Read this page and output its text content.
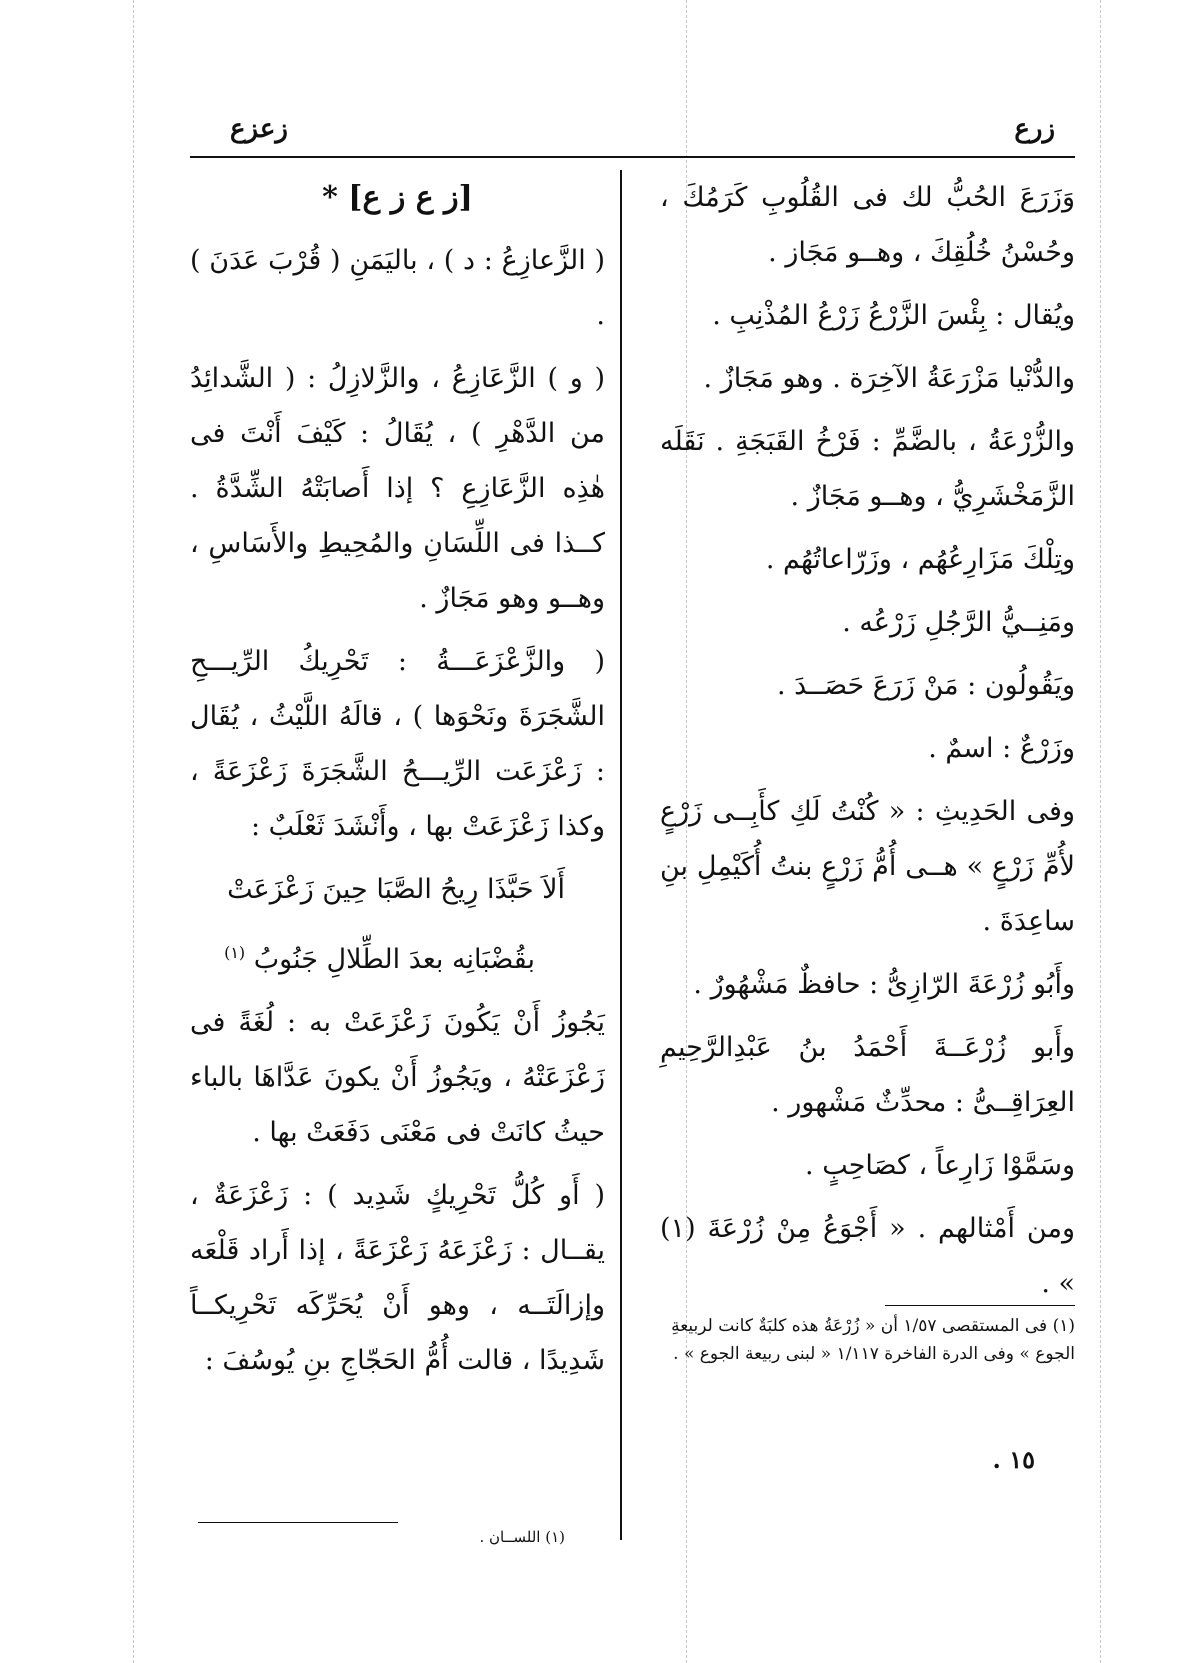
زرع
زعزع

وَزَرَعَ الحُبُّ لك فى القُلُوبِ كَرَمُكَ ، وحُسْنُ خُلُقِكَ ، وهــو مَجَاز .

ويُقال : بِئْسَ الزَّرْعُ زَرْعُ المُذْنِبِ .

والدُّنْيا مَزْرَعَةُ الآخِرَة . وهو مَجَازٌ .

والزُّرْعَةُ ، بالضَّمِّ : فَرْخُ القَبَجَةِ . نَقَلَه الزَّمَخْشَرِيُّ ، وهــو مَجَازٌ .

وتِلْكَ مَزَارِعُهُم ، وزَرّاعاتُهُم .

ومَنِــيُّ الرَّجُلِ زَرْعُه .

ويَقُولُون : مَنْ زَرَعَ حَصَــدَ .

وزَرْعٌ : اسمٌ .

وفى الحَدِيثِ : « كُنْتُ لَكِ كأَبِــى زَرْعٍ لأُمِّ زَرْعٍ » هــى أُمُّ زَرْعٍ بنتُ أُكَيْمِلِ بنِ ساعِدَةَ .

وأَبُو زُرْعَةَ الرّازِىُّ : حافظٌ مَشْهُورٌ .

وأَبو زُرْعَــةَ أَحْمَدُ بنُ عَبْدِالرَّحِيمِ العِرَاقِــىُّ : محدِّثٌ مَشْهور .

وسَمَّوْا زَارِعاً ، كصَاحِبٍ .

ومن أَمْثالهم . « أَجْوَعُ مِنْ زُرْعَةَ (١) » .

(١) فى المستقصى ١/٥٧ أن « زُرْعَةُ هذه كلبَةٌ كانت لربيعةِ الجوع » وفى الدرة الفاخرة ١/١١٧ « لبنى ربيعة الجوع » .
١٥ .

[ز ع ز ع] *

( الزَّعازِعُ : د ) ، باليَمَنِ ( قُرْبَ عَدَنَ ) .

( و ) الزَّعَازِعُ ، والزَّلازِلُ : ( الشَّدائِدُ من الدَّهْرِ ) ، يُقَالُ : كَيْفَ أَنْتَ فى هٰذِه الزَّعَازِعِ ؟ إذا أَصابَتْهُ الشِّدَّةُ . كــذا فى اللِّسَانِ والمُحِيطِ والأَسَاسِ ، وهــو وهو مَجَازٌ .

( والزَّعْزَعَـــةُ : تَحْرِيكُ الرِّيـــحِ الشَّجَرَةَ ونَحْوَها ) ، قالَهُ اللَّيْثُ ، يُقَال : زَعْزَعَت الرِّيـــحُ الشَّجَرَةَ زَعْزَعَةً ، وكذا زَعْزَعَتْ بها ، وأَنْشَدَ ثَعْلَبٌ :

أَلاَ حَبَّذَا رِيحُ الصَّبَا حِينَ زَعْزَعَتْ

بقُضْبَانِه بعدَ الطِّلالِ جَنُوبُ $^{(١)}$

يَجُوزُ أَنْ يَكُونَ زَعْزَعَتْ به : لُغَةً فى زَعْزَعَتْهُ ، ويَجُوزُ أَنْ يكونَ عَدَّاهَا بالباء حيثُ كانَتْ فى مَعْنَى دَفَعَتْ بها .

( أَو كُلُّ تَحْرِيكٍ شَدِيد ) : زَعْزَعَةٌ ، يقــال : زَعْزَعَهُ زَعْزَعَةً ، إذا أَراد قَلْعَه وإزالَتَــه ، وهو أَنْ يُحَرِّكَه تَحْرِيكــاً شَدِيدًا ، قالت أُمُّ الحَجّاجِ بنِ يُوسُفَ :

(١) اللســان .
